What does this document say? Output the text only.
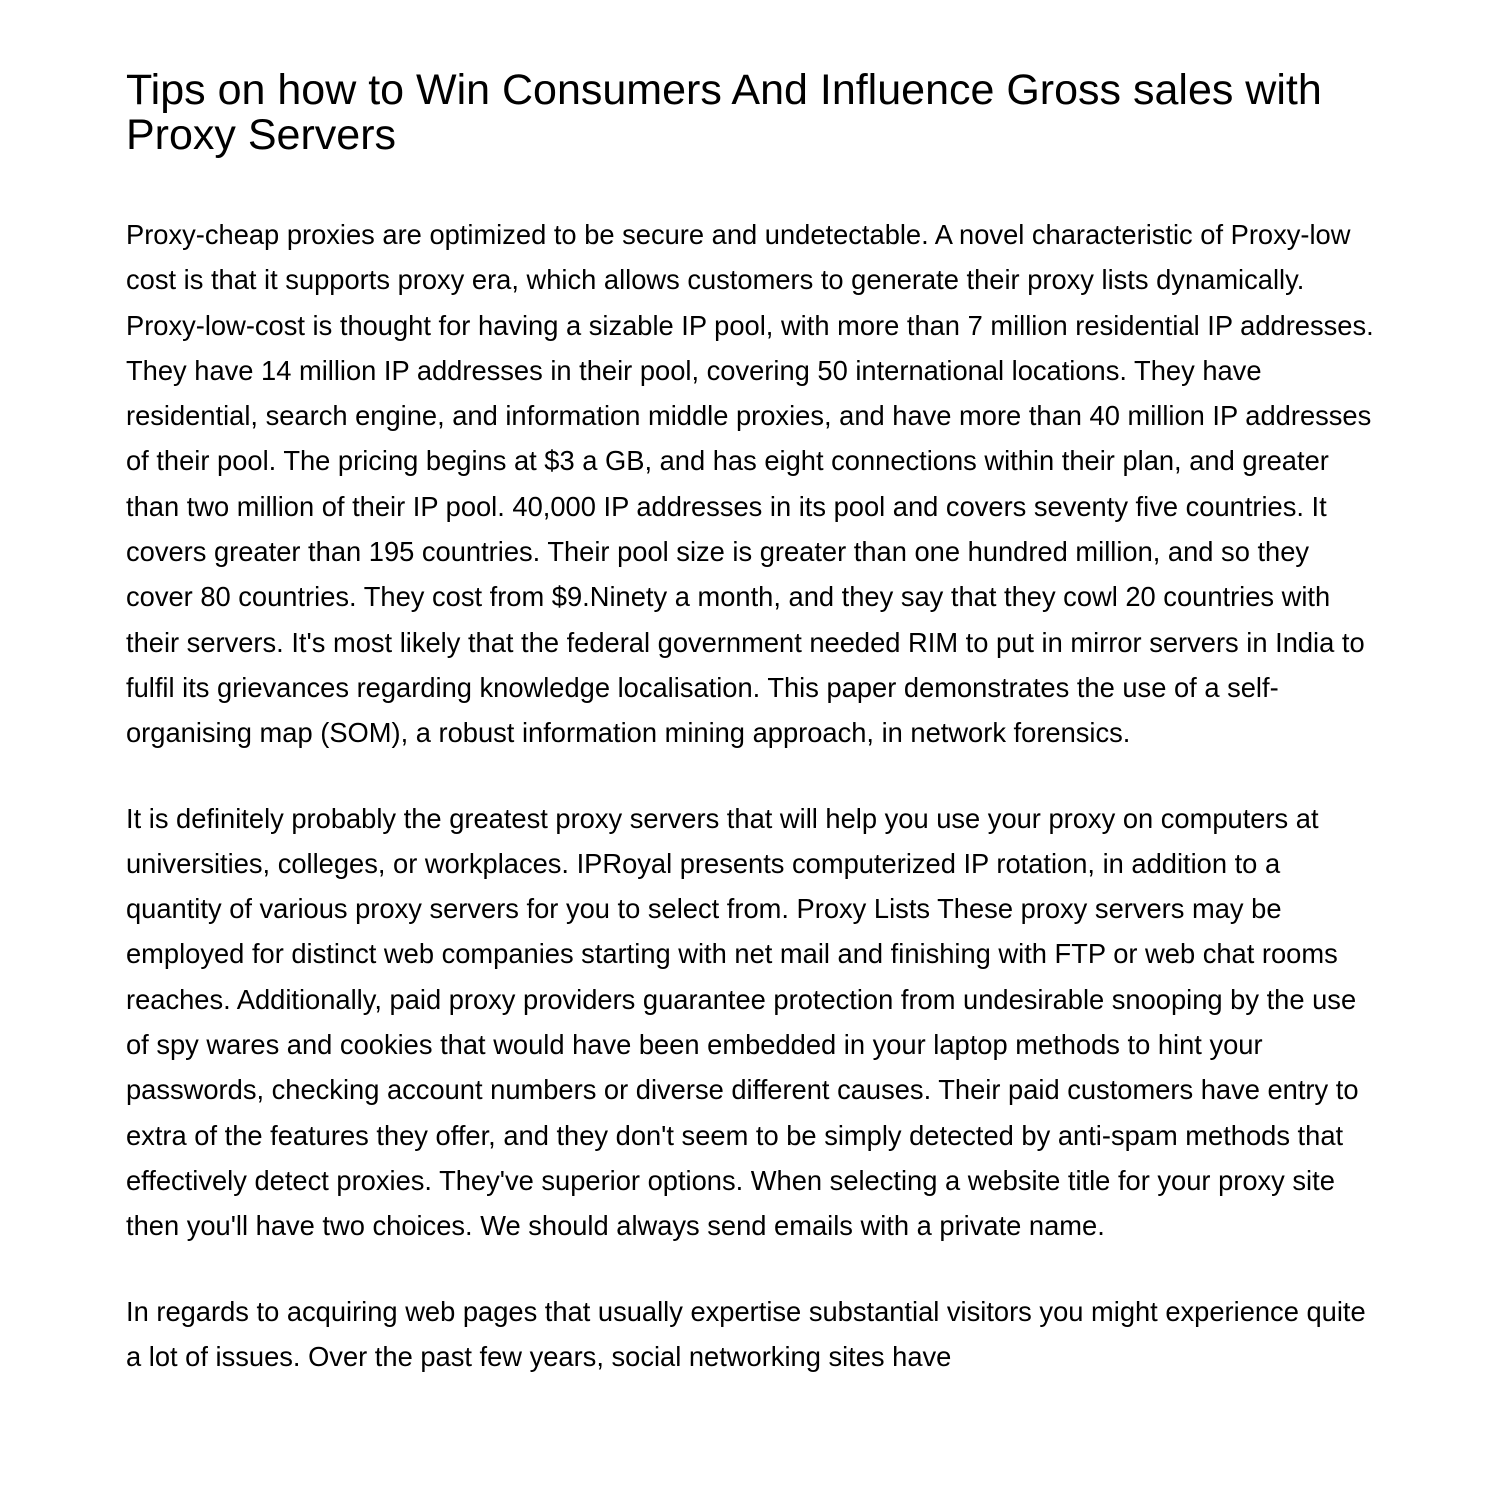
Tips on how to Win Consumers And Influence Gross sales with Proxy Servers

Proxy-cheap proxies are optimized to be secure and undetectable. A novel characteristic of Proxy-low cost is that it supports proxy era, which allows customers to generate their proxy lists dynamically. Proxy-low-cost is thought for having a sizable IP pool, with more than 7 million residential IP addresses. They have 14 million IP addresses in their pool, covering 50 international locations. They have residential, search engine, and information middle proxies, and have more than 40 million IP addresses of their pool. The pricing begins at $3 a GB, and has eight connections within their plan, and greater than two million of their IP pool. 40,000 IP addresses in its pool and covers seventy five countries. It covers greater than 195 countries. Their pool size is greater than one hundred million, and so they cover 80 countries. They cost from $9.Ninety a month, and they say that they cowl 20 countries with their servers. It's most likely that the federal government needed RIM to put in mirror servers in India to fulfil its grievances regarding knowledge localisation. This paper demonstrates the use of a self-organising map (SOM), a robust information mining approach, in network forensics.

It is definitely probably the greatest proxy servers that will help you use your proxy on computers at universities, colleges, or workplaces. IPRoyal presents computerized IP rotation, in addition to a quantity of various proxy servers for you to select from. Proxy Lists These proxy servers may be employed for distinct web companies starting with net mail and finishing with FTP or web chat rooms reaches. Additionally, paid proxy providers guarantee protection from undesirable snooping by the use of spy wares and cookies that would have been embedded in your laptop methods to hint your passwords, checking account numbers or diverse different causes. Their paid customers have entry to extra of the features they offer, and they don't seem to be simply detected by anti-spam methods that effectively detect proxies. They've superior options. When selecting a website title for your proxy site then you'll have two choices. We should always send emails with a private name.

In regards to acquiring web pages that usually expertise substantial visitors you might experience quite a lot of issues. Over the past few years, social networking sites have
